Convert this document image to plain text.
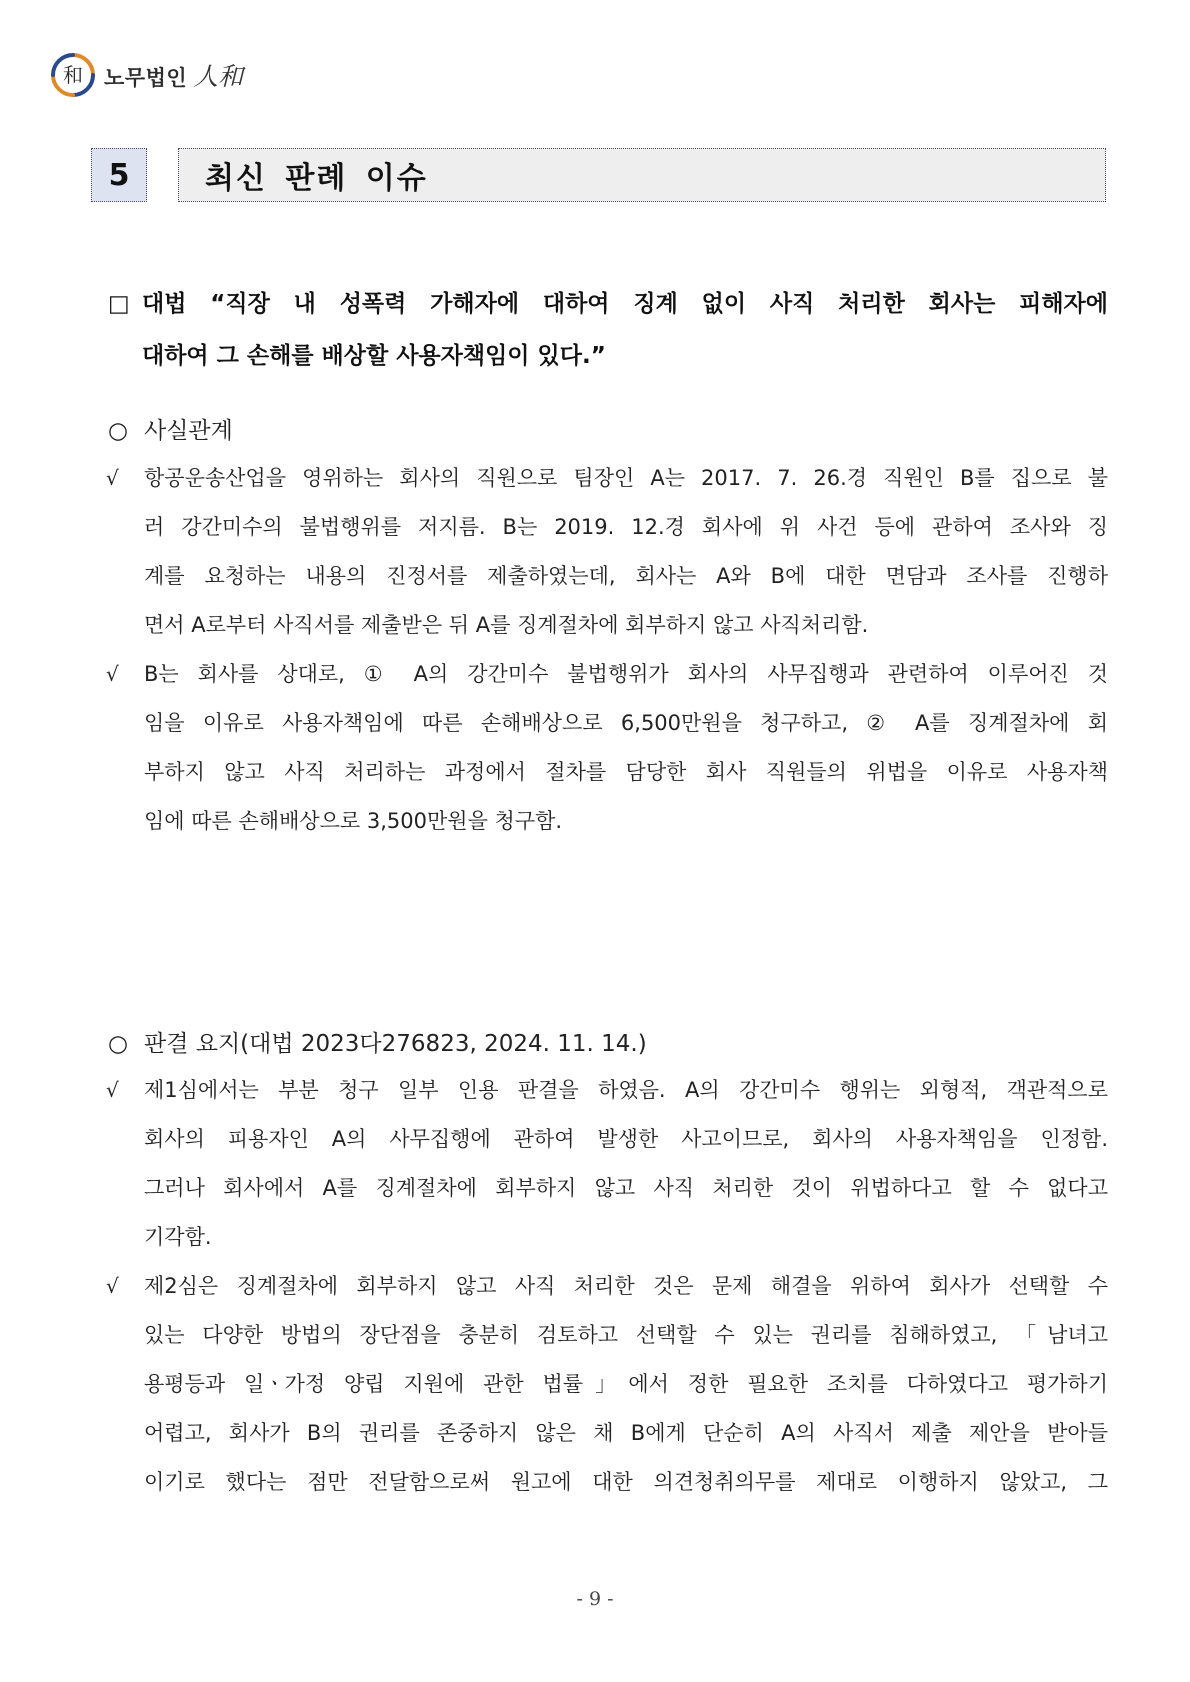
和 노무법인 人和
5	최신 판례 이슈
□ 대법 “직장 내 성폭력 가해자에 대하여 징계 없이 사직 처리한 회사는 피해자에
대하여 그 손해를 배상할 사용자책임이 있다.”
○ 사실관계
√	항공운송산업을 영위하는 회사의 직원으로 팀장인 A는 2017. 7. 26.경 직원인 B를 집으로 불
러 강간미수의 불법행위를 저지름. B는 2019. 12.경 회사에 위 사건 등에 관하여 조사와 징
계를 요청하는 내용의 진정서를 제출하였는데, 회사는 A와 B에 대한 면담과 조사를 진행하
면서 A로부터 사직서를 제출받은 뒤 A를 징계절차에 회부하지 않고 사직처리함.
√	B는 회사를 상대로, ① A의 강간미수 불법행위가 회사의 사무집행과 관련하여 이루어진 것
임을 이유로 사용자책임에 따른 손해배상으로 6,500만원을 청구하고, ② A를 징계절차에 회
부하지 않고 사직 처리하는 과정에서 절차를 담당한 회사 직원들의 위법을 이유로 사용자책
임에 따른 손해배상으로 3,500만원을 청구함.
○ 판결 요지(대법 2023다276823, 2024. 11. 14.)
√	제1심에서는 부분 청구 일부 인용 판결을 하였음. A의 강간미수 행위는 외형적, 객관적으로
회사의 피용자인 A의 사무집행에 관하여 발생한 사고이므로, 회사의 사용자책임을 인정함.
그러나 회사에서 A를 징계절차에 회부하지 않고 사직 처리한 것이 위법하다고 할 수 없다고
기각함.
√	제2심은 징계절차에 회부하지 않고 사직 처리한 것은 문제 해결을 위하여 회사가 선택할 수
있는 다양한 방법의 장단점을 충분히 검토하고 선택할 수 있는 권리를 침해하였고, 「남녀고
용평등과 일ㆍ가정 양립 지원에 관한 법률」에서 정한 필요한 조치를 다하였다고 평가하기
어렵고, 회사가 B의 권리를 존중하지 않은 채 B에게 단순히 A의 사직서 제출 제안을 받아들
이기로 했다는 점만 전달함으로써 원고에 대한 의견청취의무를 제대로 이행하지 않았고, 그
- 9 -
